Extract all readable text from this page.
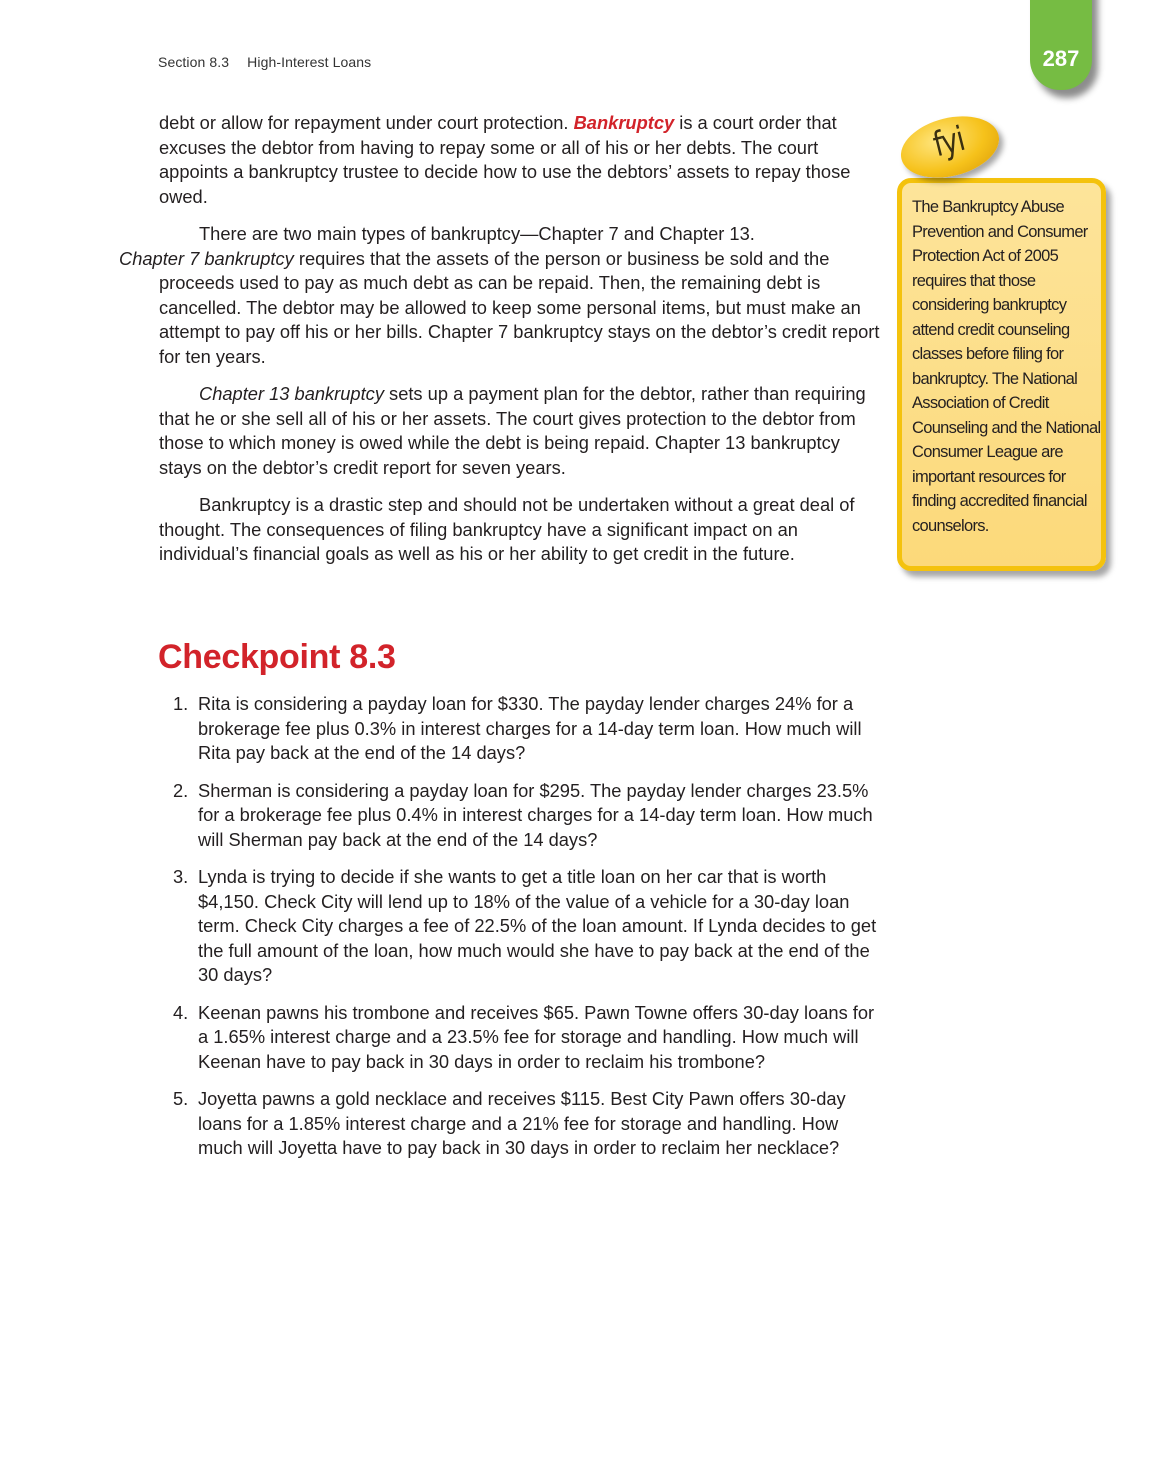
Section 8.3 High-Interest Loans	287

debt or allow for repayment under court protection. Bankruptcy is a court order that excuses the debtor from having to repay some or all of his or her debts. The court appoints a bankruptcy trustee to decide how to use the debtors’ assets to repay those owed.

There are two main types of bankruptcy—Chapter 7 and Chapter 13.
Chapter 7 bankruptcy requires that the assets of the person or business be sold and the proceeds used to pay as much debt as can be repaid. Then, the remaining debt is cancelled. The debtor may be allowed to keep some personal items, but must make an attempt to pay off his or her bills. Chapter 7 bankruptcy stays on the debtor’s credit report for ten years.

Chapter 13 bankruptcy sets up a payment plan for the debtor, rather than requiring that he or she sell all of his or her assets. The court gives protection to the debtor from those to which money is owed while the debt is being repaid. Chapter 13 bankruptcy stays on the debtor’s credit report for seven years.

Bankruptcy is a drastic step and should not be undertaken without a great deal of thought. The consequences of filing bankruptcy have a significant impact on an individual’s financial goals as well as his or her ability to get credit in the future.

Checkpoint 8.3
1. Rita is considering a payday loan for $330. The payday lender charges 24% for a brokerage fee plus 0.3% in interest charges for a 14-day term loan. How much will Rita pay back at the end of the 14 days?
2. Sherman is considering a payday loan for $295. The payday lender charges 23.5% for a brokerage fee plus 0.4% in interest charges for a 14-day term loan. How much will Sherman pay back at the end of the 14 days?
3. Lynda is trying to decide if she wants to get a title loan on her car that is worth $4,150. Check City will lend up to 18% of the value of a vehicle for a 30-day loan term. Check City charges a fee of 22.5% of the loan amount. If Lynda decides to get the full amount of the loan, how much would she have to pay back at the end of the 30 days?
4. Keenan pawns his trombone and receives $65. Pawn Towne offers 30-day loans for a 1.65% interest charge and a 23.5% fee for storage and handling. How much will Keenan have to pay back in 30 days in order to reclaim his trombone?
5. Joyetta pawns a gold necklace and receives $115. Best City Pawn offers 30-day loans for a 1.85% interest charge and a 21% fee for storage and handling. How much will Joyetta have to pay back in 30 days in order to reclaim her necklace?
The Bankruptcy Abuse Prevention and Consumer Protection Act of 2005 requires that those considering bankruptcy attend credit counseling classes before filing for bankruptcy. The National Association of Credit Counseling and the National Consumer League are important resources for finding accredited financial counselors.
fyi
